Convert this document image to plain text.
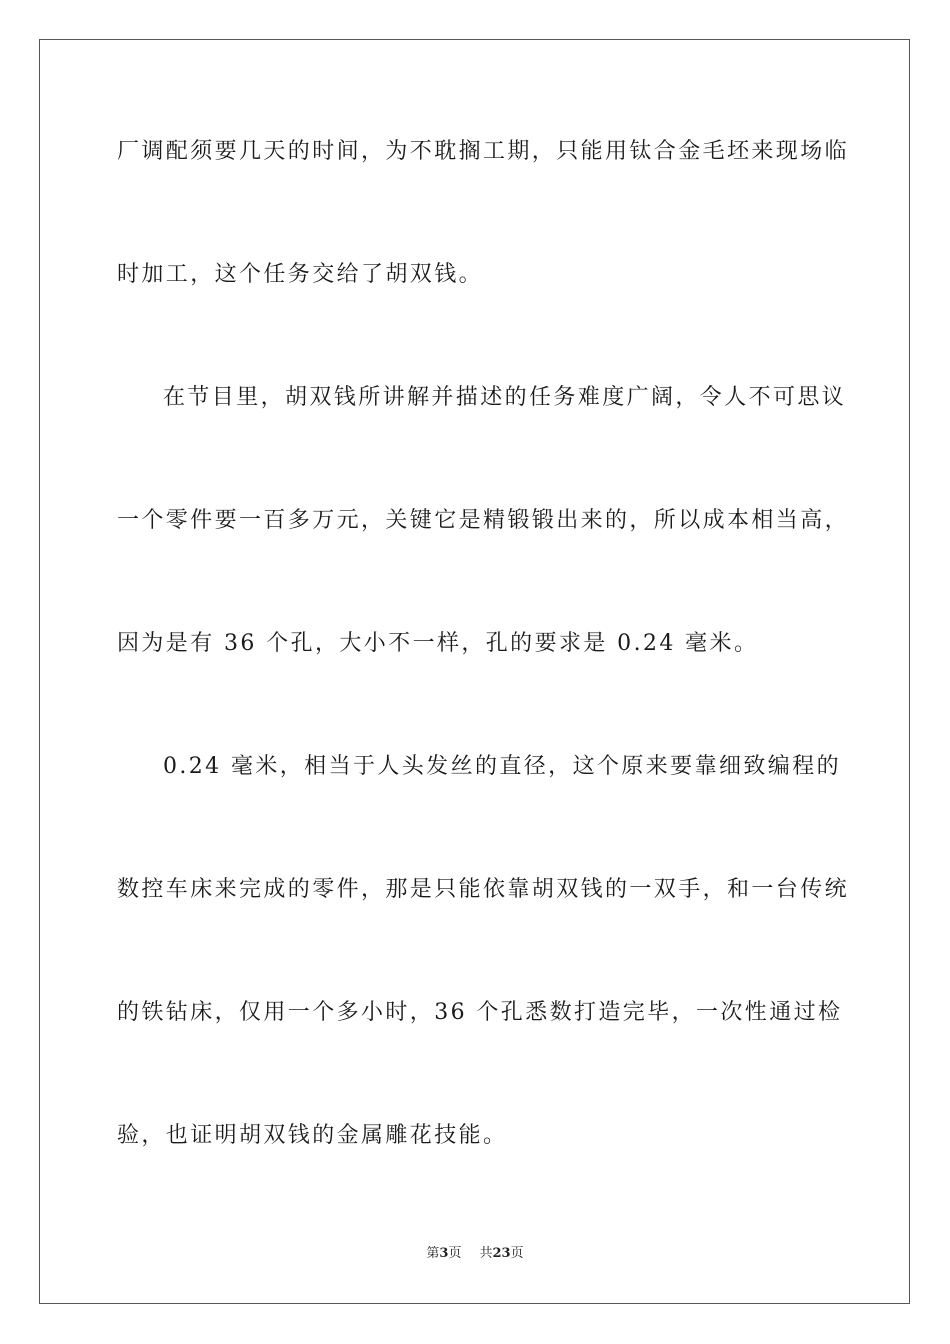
厂调配须要几天的时间，为不耽搁工期，只能用钛合金毛坯来现场临
时加工，这个任务交给了胡双钱。
在节目里，胡双钱所讲解并描述的任务难度广阔，令人不可思议
一个零件要一百多万元，关键它是精锻锻出来的，所以成本相当高，
因为是有 36 个孔，大小不一样，孔的要求是 0.24 毫米。
0.24 毫米，相当于人头发丝的直径，这个原来要靠细致编程的
数控车床来完成的零件，那是只能依靠胡双钱的一双手，和一台传统
的铁钻床，仅用一个多小时，36 个孔悉数打造完毕，一次性通过检
验，也证明胡双钱的金属雕花技能。
第3页 共23页
